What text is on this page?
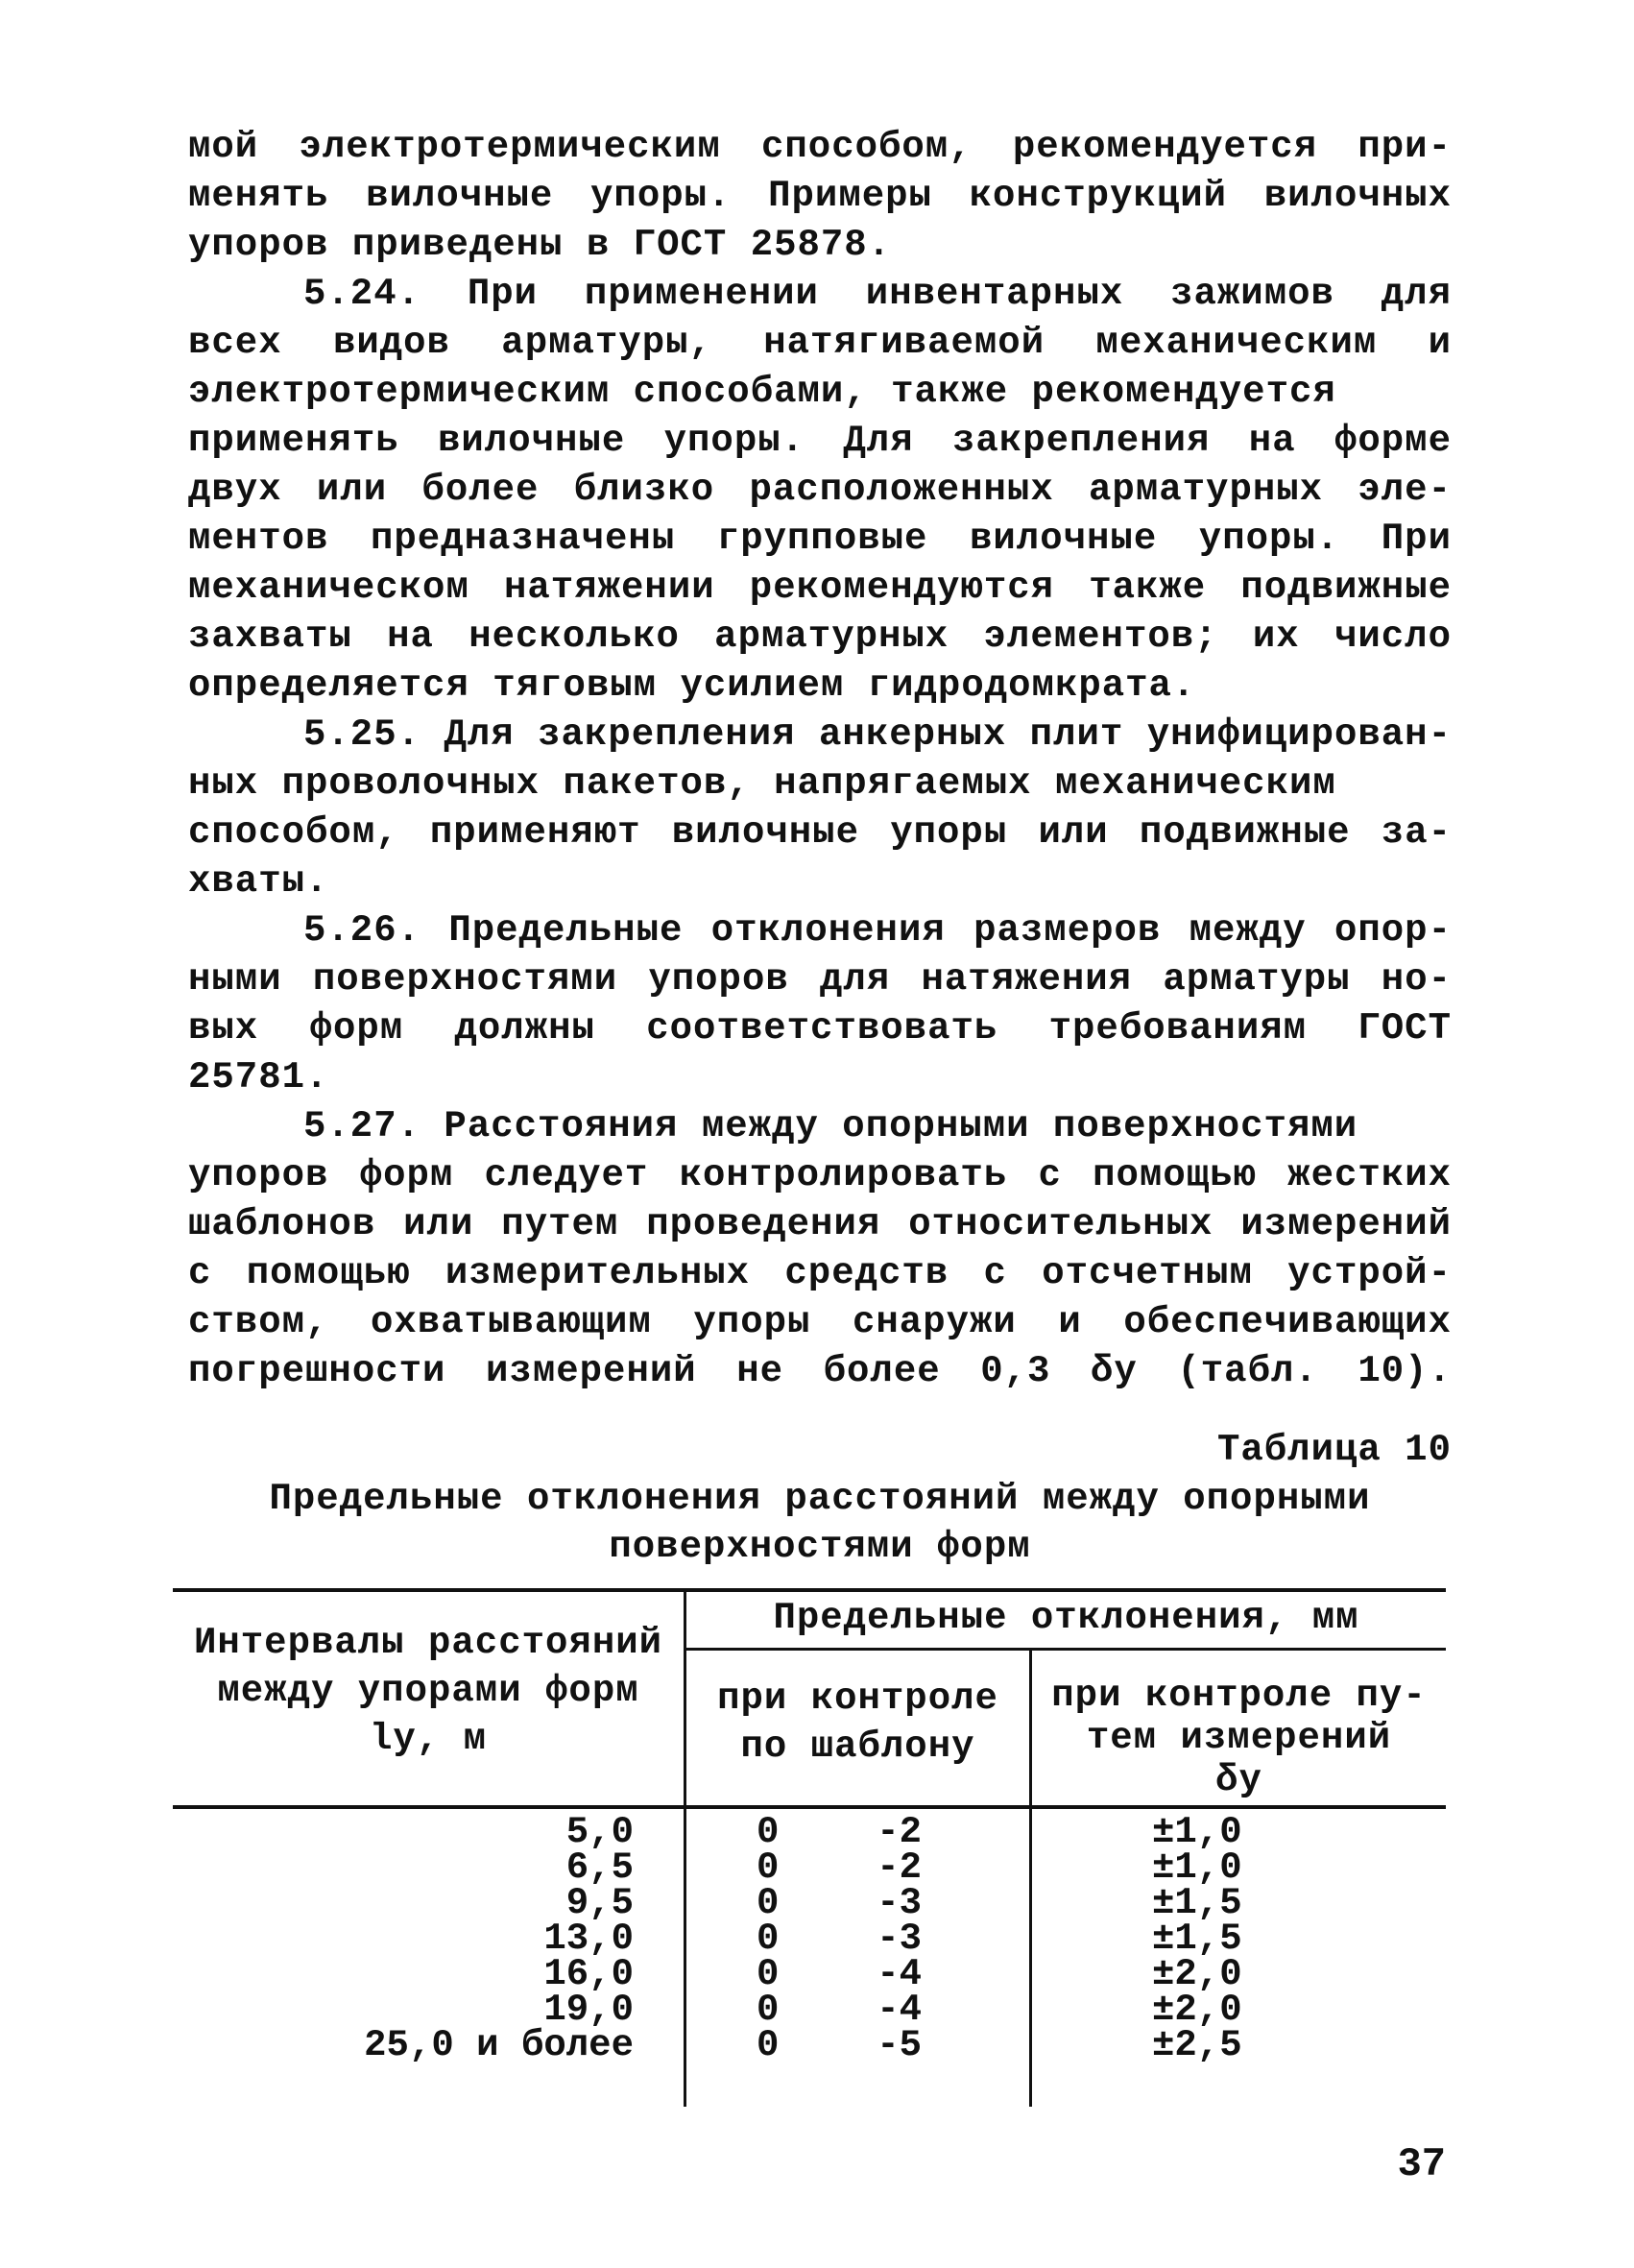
мой электротермическим способом, рекомендуется при-
менять вилочные упоры. Примеры конструкций вилочных
упоров приведены в ГОСТ 25878.
5.24. При применении инвентарных зажимов для
всех видов арматуры, натягиваемой механическим и
электротермическим способами, также рекомендуется
применять вилочные упоры. Для закрепления на форме
двух или более близко расположенных арматурных эле-
ментов предназначены групповые вилочные упоры. При
механическом натяжении рекомендуются также подвижные
захваты на несколько арматурных элементов; их число
определяется тяговым усилием гидродомкрата.
5.25. Для закрепления анкерных плит унифицирован-
ных проволочных пакетов, напрягаемых механическим
способом, применяют вилочные упоры или подвижные за-
хваты.
5.26. Предельные отклонения размеров между опор-
ными поверхностями упоров для натяжения арматуры но-
вых форм должны соответствовать требованиям ГОСТ
25781.
5.27. Расстояния между опорными поверхностями
упоров форм следует контролировать с помощью жестких
шаблонов или путем проведения относительных измерений
с помощью измерительных средств с отсчетным устрой-
ством, охватывающим упоры снаружи и обеспечивающих
погрешности измерений не более 0,3 δу (табл. 10).
Таблица 10
Предельные отклонения расстояний между опорными
поверхностями форм
Интервалы расстояний
между упорами форм
lу, м
Предельные отклонения, мм
при контроле
по шаблону
при контроле пу-
тем измерений
δу
5,0
6,5
9,5
13,0
16,0
19,0
25,0 и более
0
0
0
0
0
0
0
-2
-2
-3
-3
-4
-4
-5
±1,0
±1,0
±1,5
±1,5
±2,0
±2,0
±2,5
37
